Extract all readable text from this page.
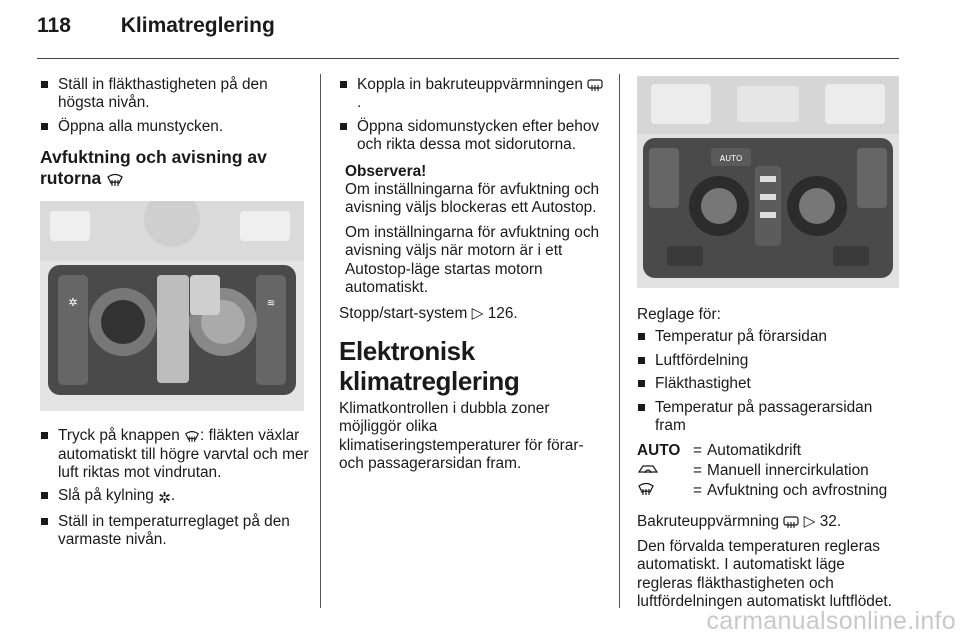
118 Klimatreglering
Ställ in fläkthastigheten på den högsta nivån.
Öppna alla munstycken.
Avfuktning och avisning av rutorna
✲	≋
Tryck på knappen : fläkten växlar automatiskt till högre varvtal och mer luft riktas mot vindrutan.
Slå på kylning ✲.
Ställ in temperaturreglaget på den varmaste nivån.
Koppla in bakruteuppvärmningen .
Öppna sidomunstycken efter behov och rikta dessa mot sidorutorna.
Observera!
Om inställningarna för avfuktning och avisning väljs blockeras ett Autostop.
Om inställningarna för avfuktning och avisning väljs när motorn är i ett Autostop-läge startas motorn automatiskt.
Stopp/start-system ▷ 126.
Elektronisk klimatreglering
Klimatkontrollen i dubbla zoner möjliggör olika klimatiseringstemperaturer för förar- och passagerarsidan fram.
AUTO
Reglage för:
Temperatur på förarsidan
Luftfördelning
Fläkthastighet
Temperatur på passagerarsidan fram
AUTO	=	Automatikdrift
	=	Manuell innercirkulation
	=	Avfuktning och avfrostning
Bakruteuppvärmning  ▷ 32.
Den förvalda temperaturen regleras automatiskt. I automatiskt läge regleras fläkthastigheten och luftfördelningen automatiskt luftflödet.
carmanualsonline.info
